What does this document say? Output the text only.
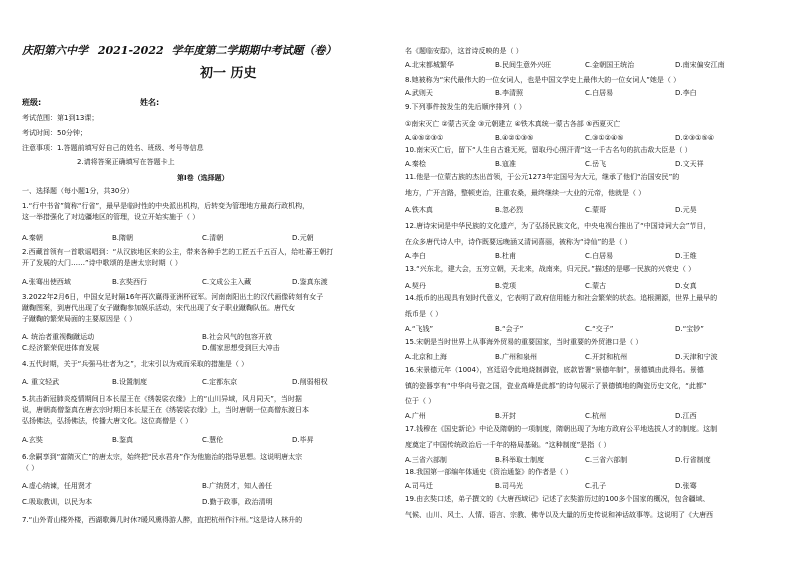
庆阳第六中学 2021-2022 学年度第二学期期中考试题（卷）
初一 历史
班级:	姓名:
考试范围：第1到13课；
考试时间：50分钟；
注意事项：1.答题前填写好自己的姓名、班级、考号等信息
2.请将答案正确填写在答题卡上
第Ⅰ卷（选择题）
一、选择题（每小题1分，共30分）
1.“行中书省”简称“行省”，最早是临时性的中央派出机构，后转变为管理地方最高行政机构，
这一举措强化了对边疆地区的管理，设立开始实施于（ ）
2.西藏首领有一首歌谣唱到：“从汉族地区来的公主，带来各种手艺的工匠五千五百人，给吐蕃王朝打
开了发展的大门……”诗中歌颂的是唐太宗时期（ ）
3.2022年2月6日，中国女足时隔16年再次赢得亚洲杯冠军。河南南阳出土的汉代画像砖刻有女子
蹴鞠图案，到唐代出现了女子蹴鞠参加娱乐活动，宋代出现了女子职业蹴鞠队伍。唐代女
子蹴鞠的繁荣局面的主要原因是（ ）
4.五代时期，关于“兵强马壮者为之”，北宋引以为戒而采取的措施是（ ）
5.抗击新冠肺炎疫情期间日本长屋王在《绣袈裟衣缘》上的“山川异域，风月同天”，当时据
说，唐朝高僧鉴真在唐玄宗时期日本长屋王在《绣袈裟衣缘》上，当时唐朝一位高僧东渡日本
弘扬佛法，弘扬佛法，传播大唐文化。这位高僧是（ ）
6.余嗣享到“富隋灭亡”的唐太宗，始终把“民水君舟”作为他施治的指导思想。这说明唐太宗
（ ）
7.“山外青山楼外楼，西湖歌舞几时休?暖风熏得游人醉，直把杭州作汴州。”这是诗人林升的
A.秦朝	B.隋朝	C.清朝	D.元朝
A.张骞出使西域	B.玄奘西行	C.文成公主入藏	D.鉴真东渡
A. 统治者重视鞠蹴运动	B.社会风气的包容开放
C.经济繁荣促进体育发展	D.儒家思想受到巨大冲击
A. 重文轻武	B.设置制度	C.定都东京	D.削弱相权
A.玄奘	B.鉴真	C.慧伦	D.毕昇
A.虚心纳谏，任用贤才	B.广纳贤才，知人善任
C.吸取教训，以民为本	D.勤于政事，政治清明
名《题临安邸》，这首诗反映的是（ ）
8.她被称为“宋代最伟大的一位女词人，也是中国文学史上最伟大的一位女词人”她是（ ）
9.下列事件按发生的先后顺序排列（ ）
①南宋灭亡 ②蒙古灭金 ③元朝建立 ④铁木真统一蒙古各部 ⑤西夏灭亡
10.南宋灭亡后，留下“人生自古谁无死，留取丹心照汗青”这一千古名句的抗击敌大臣是（ ）
11.他是一位蒙古族的杰出首领，于公元1273年定国号为大元，继承了他们“治国安民”的
地方，广开言路，整顿吏治，注重农桑，最终继续一大业的元帝，他就是（ ）
12.唐诗宋词是中华民族的文化遗产，为了弘扬民族文化，中央电视台推出了“中国诗词大会”节目，
在众多唐代诗人中，诗作既要远晚涵又清词喜丽，被称为“诗仙”的是（ ）
13.“兴东北，建大会，五穷立朝，天北来，战南来，归元民。”描述的是哪一民族的兴衰史（ ）
14.纸币的出现具有划时代意义，它表明了政府信用能力和社会繁荣的状态。追根溯源，世界上最早的
纸币是（ ）
15.宋朝是当时世界上从事海外贸易的重要国家，当时重要的外贸港口是（ ）
16.宋景德元年（1004），宫廷诏令此地烧制御瓷，底款皆署“景德年制”，景德镇由此得名。景德
镇的瓷器享有“中华向号瓷之国，瓷业高峰是此都”的诗句展示了景德镇地的陶瓷历史文化，“此都”
位于（ ）
17.钱穆在《国史新论》中论及隋朝的一项制度，隋朝出现了为地方政府公平地选拔人才的制度。这制
度奠定了中国传统政治后一千年的格局基础。“这种制度”是指（ ）
18.我国第一部编年体通史《资治通鉴》的作者是（ ）
19.由玄奘口述，弟子撰文的《大唐西域记》记述了玄奘游历过的100多个国家的概况，包含疆域、
气候、山川、风土、人情、语言、宗教、佛寺以及大量的历史传说和神话故事等。这说明了《大唐西
A.北宋都城繁华	B.民间生意外兴旺	C.金朝国王统治	D.南宋偏安江南
A.武则天	B.李清照	C.白居易	D.李白
A.④⑤②③①	B.④②①③⑤	C.③①②④⑤	D.②③①⑤④
A.秦桧	B.寇准	C.岳飞	D.文天祥
A.铁木真	B.忽必烈	C.蒙哥	D.元昊
A.李白	B.杜甫	C.白居易	D.王维
A.契丹	B.党项	C.蒙古	D.女真
A.“飞钱”	B.“会子”	C.“交子”	D.“宝钞”
A.北京和上海	B.广州和泉州	C.开封和杭州	D.天津和宁波
A.广州	B.开封	C.杭州	D.江西
A.三省六部制	B.科举取士制度	C.三省六部制	D.行省制度
A.司马迁	B.司马光	C.孔子	D.张骞
